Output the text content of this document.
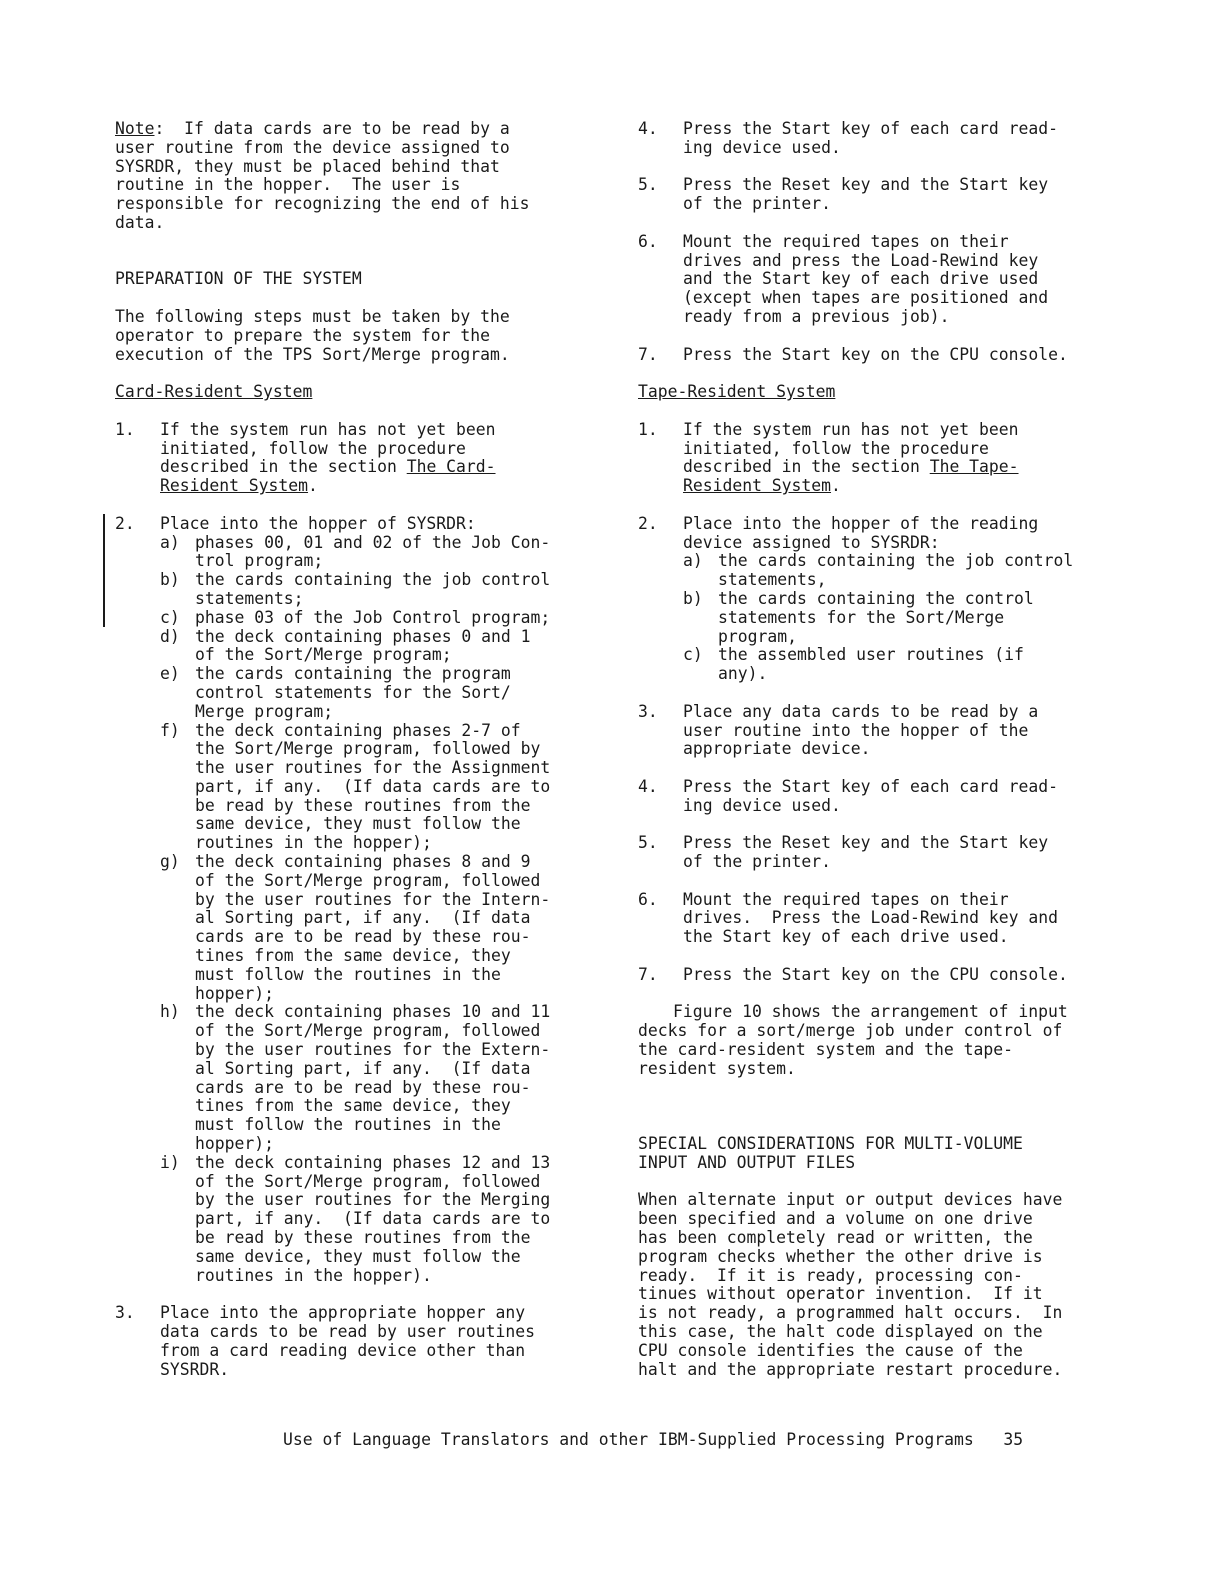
Note:  If data cards are to be read by a
user routine from the device assigned to
SYSRDR, they must be placed behind that
routine in the hopper.  The user is
responsible for recognizing the end of his
data.
PREPARATION OF THE SYSTEM
The following steps must be taken by the
operator to prepare the system for the
execution of the TPS Sort/Merge program.
Card-Resident System
1. If the system run has not yet been
initiated, follow the procedure
described in the section The Card-
Resident System.
2. Place into the hopper of SYSRDR:
a) phases 00, 01 and 02 of the Job Con-
trol program;
b) the cards containing the job control
statements;
c) phase 03 of the Job Control program;
d) the deck containing phases 0 and 1
of the Sort/Merge program;
e) the cards containing the program
control statements for the Sort/
Merge program;
f) the deck containing phases 2-7 of
the Sort/Merge program, followed by
the user routines for the Assignment
part, if any.  (If data cards are to
be read by these routines from the
same device, they must follow the
routines in the hopper);
g) the deck containing phases 8 and 9
of the Sort/Merge program, followed
by the user routines for the Intern-
al Sorting part, if any.  (If data
cards are to be read by these rou-
tines from the same device, they
must follow the routines in the
hopper);
h) the deck containing phases 10 and 11
of the Sort/Merge program, followed
by the user routines for the Extern-
al Sorting part, if any.  (If data
cards are to be read by these rou-
tines from the same device, they
must follow the routines in the
hopper);
i) the deck containing phases 12 and 13
of the Sort/Merge program, followed
by the user routines for the Merging
part, if any.  (If data cards are to
be read by these routines from the
same device, they must follow the
routines in the hopper).
3. Place into the appropriate hopper any
data cards to be read by user routines
from a card reading device other than
SYSRDR.
4. Press the Start key of each card read-
ing device used.
5. Press the Reset key and the Start key
of the printer.
6. Mount the required tapes on their
drives and press the Load-Rewind key
and the Start key of each drive used
(except when tapes are positioned and
ready from a previous job).
7. Press the Start key on the CPU console.
Tape-Resident System
1. If the system run has not yet been
initiated, follow the procedure
described in the section The Tape-
Resident System.
2. Place into the hopper of the reading
device assigned to SYSRDR:
a) the cards containing the job control
statements,
b) the cards containing the control
statements for the Sort/Merge
program,
c) the assembled user routines (if
any).
3. Place any data cards to be read by a
user routine into the hopper of the
appropriate device.
4. Press the Start key of each card read-
ing device used.
5. Press the Reset key and the Start key
of the printer.
6. Mount the required tapes on their
drives.  Press the Load-Rewind key and
the Start key of each drive used.
7. Press the Start key on the CPU console.
Figure 10 shows the arrangement of input
decks for a sort/merge job under control of
the card-resident system and the tape-
resident system.
SPECIAL CONSIDERATIONS FOR MULTI-VOLUME
INPUT AND OUTPUT FILES
When alternate input or output devices have
been specified and a volume on one drive
has been completely read or written, the
program checks whether the other drive is
ready.  If it is ready, processing con-
tinues without operator invention.  If it
is not ready, a programmed halt occurs.  In
this case, the halt code displayed on the
CPU console identifies the cause of the
halt and the appropriate restart procedure.
Use of Language Translators and other IBM-Supplied Processing Programs 35
